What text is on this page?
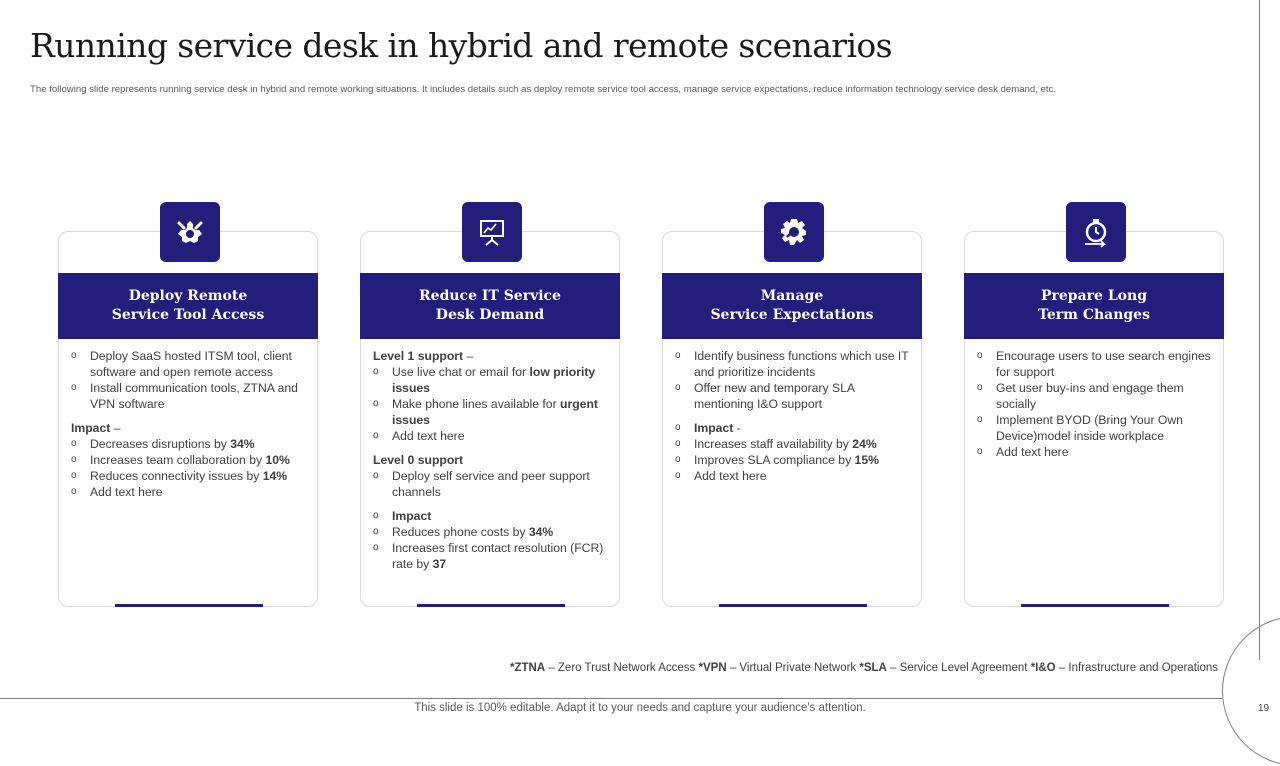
Running service desk in hybrid and remote scenarios

The following slide represents running service desk in hybrid and remote working situations. It includes details such as deploy remote service tool access, manage service expectations, reduce information technology service desk demand, etc.

Deploy Remote
Service Tool Access
o	Deploy SaaS hosted ITSM tool, client software and open remote access
o	Install communication tools, ZTNA and VPN software
Impact –
o	Decreases disruptions by 34%
o	Increases team collaboration by 10%
o	Reduces connectivity issues by 14%
o	Add text here
Reduce IT Service
Desk Demand
Level 1 support –
o	Use live chat or email for low priority issues
o	Make phone lines available for urgent issues
o	Add text here
Level 0 support
o	Deploy self service and peer support channels
o	Impact
o	Reduces phone costs by 34%
o	Increases first contact resolution (FCR) rate by 37
Manage
Service Expectations
o	Identify business functions which use IT and prioritize incidents
o	Offer new and temporary SLA mentioning I&O support
o	Impact -
o	Increases staff availability by 24%
o	Improves SLA compliance by 15%
o	Add text here
Prepare Long
Term Changes
o	Encourage users to use search engines for support
o	Get user buy-ins and engage them socially
o	Implement BYOD (Bring Your Own Device)model inside workplace
o	Add text here
*ZTNA – Zero Trust Network Access *VPN – Virtual Private Network *SLA – Service Level Agreement *I&O – Infrastructure and Operations
This slide is 100% editable. Adapt it to your needs and capture your audience's attention.	19
